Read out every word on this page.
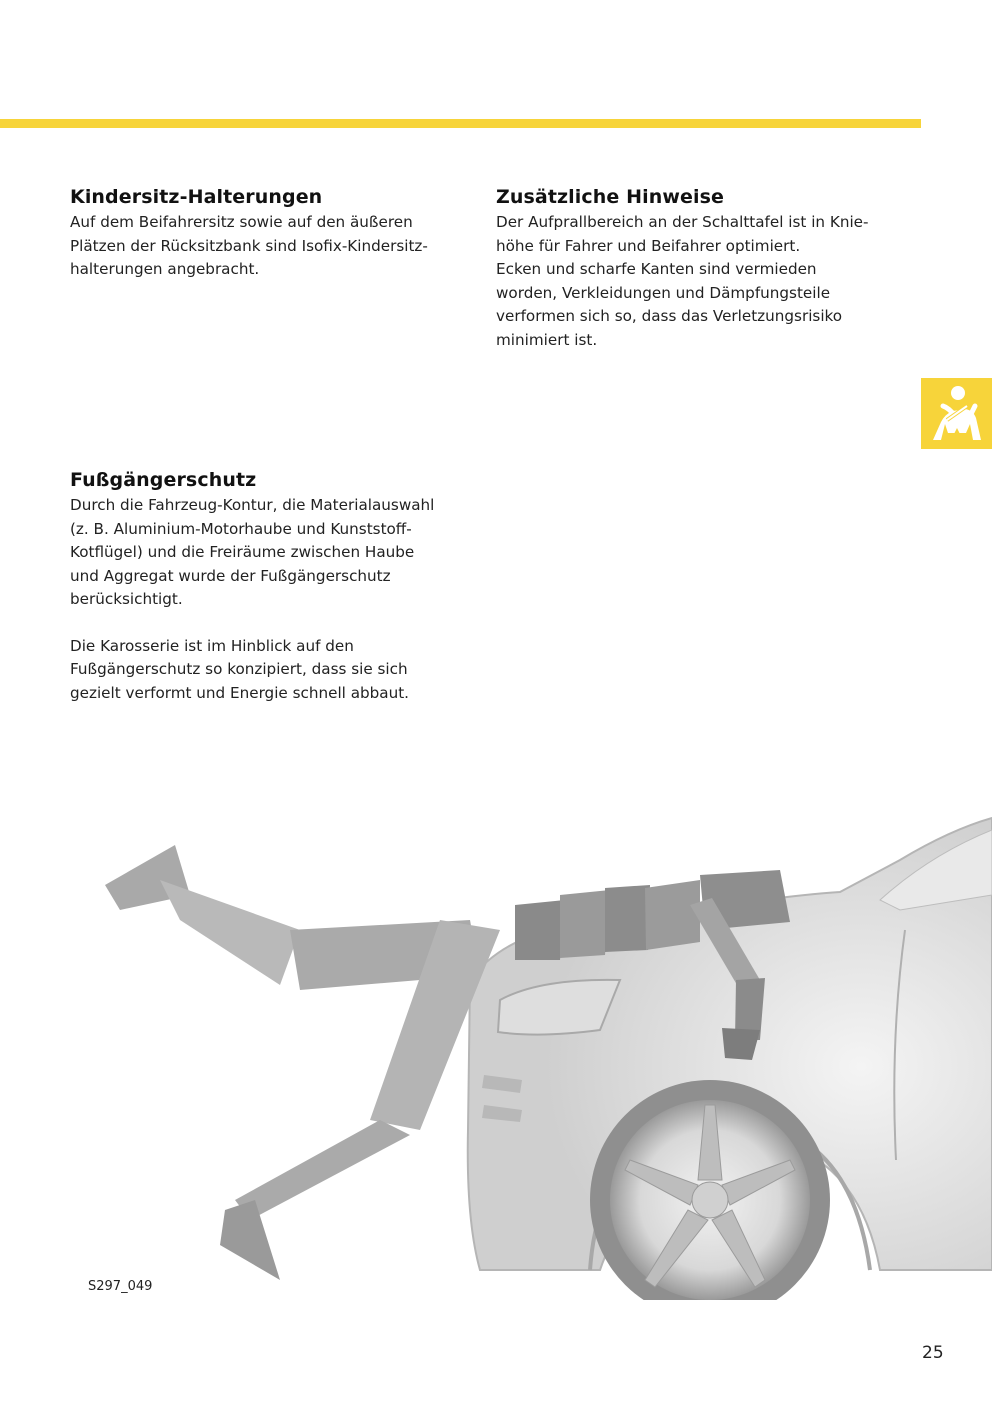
Kindersitz-Halterungen

Auf dem Beifahrersitz sowie auf den äußeren
Plätzen der Rücksitzbank sind Isofix-Kindersitz-
halterungen angebracht.

Zusätzliche Hinweise

Der Aufprallbereich an der Schalttafel ist in Knie-
höhe für Fahrer und Beifahrer optimiert.
Ecken und scharfe Kanten sind vermieden
worden, Verkleidungen und Dämpfungsteile
verformen sich so, dass das Verletzungsrisiko
minimiert ist.

Fußgängerschutz

Durch die Fahrzeug-Kontur, die Materialauswahl
(z. B. Aluminium-Motorhaube und Kunststoff-
Kotflügel) und die Freiräume zwischen Haube
und Aggregat wurde der Fußgängerschutz
berücksichtigt.

Die Karosserie ist im Hinblick auf den
Fußgängerschutz so konzipiert, dass sie sich
gezielt verformt und Energie schnell abbaut.

S297_049
25
